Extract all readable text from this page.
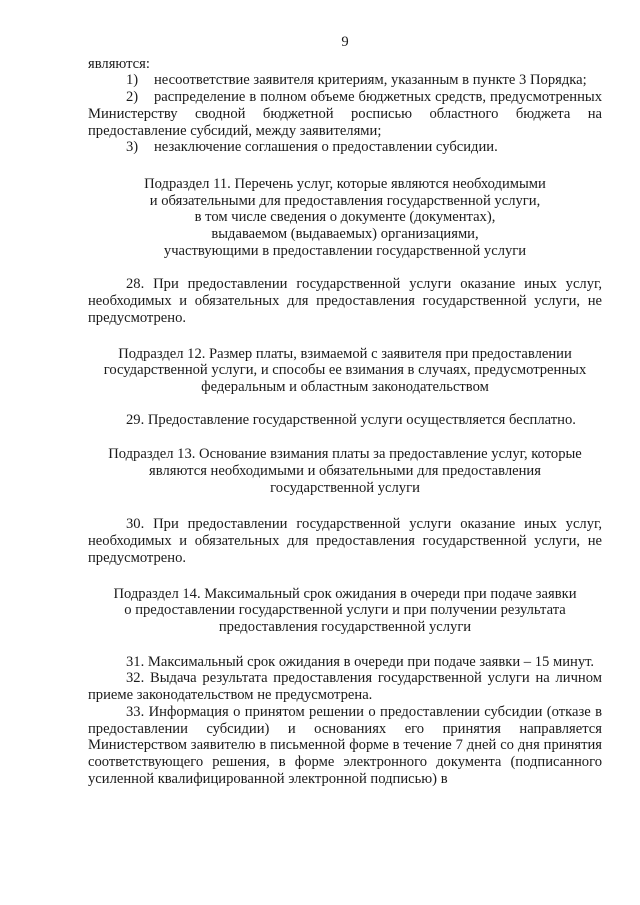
9

являются:

1)	несоответствие заявителя критериям, указанным в пункте 3 Порядка;

2) распределение в полном объеме бюджетных средств, предусмотренных Министерству сводной бюджетной росписью областного бюджета на предоставление субсидий, между заявителями;

3)	незаключение соглашения о предоставлении субсидии.
Подраздел 11. Перечень услуг, которые являются необходимыми
и обязательными для предоставления государственной услуги,
в том числе сведения о документе (документах),
выдаваемом (выдаваемых) организациями,
участвующими в предоставлении государственной услуги

28. При предоставлении государственной услуги оказание иных услуг, необходимых и обязательных для предоставления государственной услуги, не предусмотрено.

Подраздел 12. Размер платы, взимаемой с заявителя при предоставлении
государственной услуги, и способы ее взимания в случаях, предусмотренных
федеральным и областным законодательством

29. Предоставление государственной услуги осуществляется бесплатно.

Подраздел 13. Основание взимания платы за предоставление услуг, которые
являются необходимыми и обязательными для предоставления
государственной услуги

30. При предоставлении государственной услуги оказание иных услуг, необходимых и обязательных для предоставления государственной услуги, не предусмотрено.

Подраздел 14. Максимальный срок ожидания в очереди при подаче заявки
о предоставлении государственной услуги и при получении результата
предоставления государственной услуги

31. Максимальный срок ожидания в очереди при подаче заявки – 15 минут.

32. Выдача результата предоставления государственной услуги на личном приеме законодательством не предусмотрена.

33. Информация о принятом решении о предоставлении субсидии (отказе в предоставлении субсидии) и основаниях его принятия направляется Министерством заявителю в письменной форме в течение 7 дней со дня принятия соответствующего решения, в форме электронного документа (подписанного усиленной квалифицированной электронной подписью) в
